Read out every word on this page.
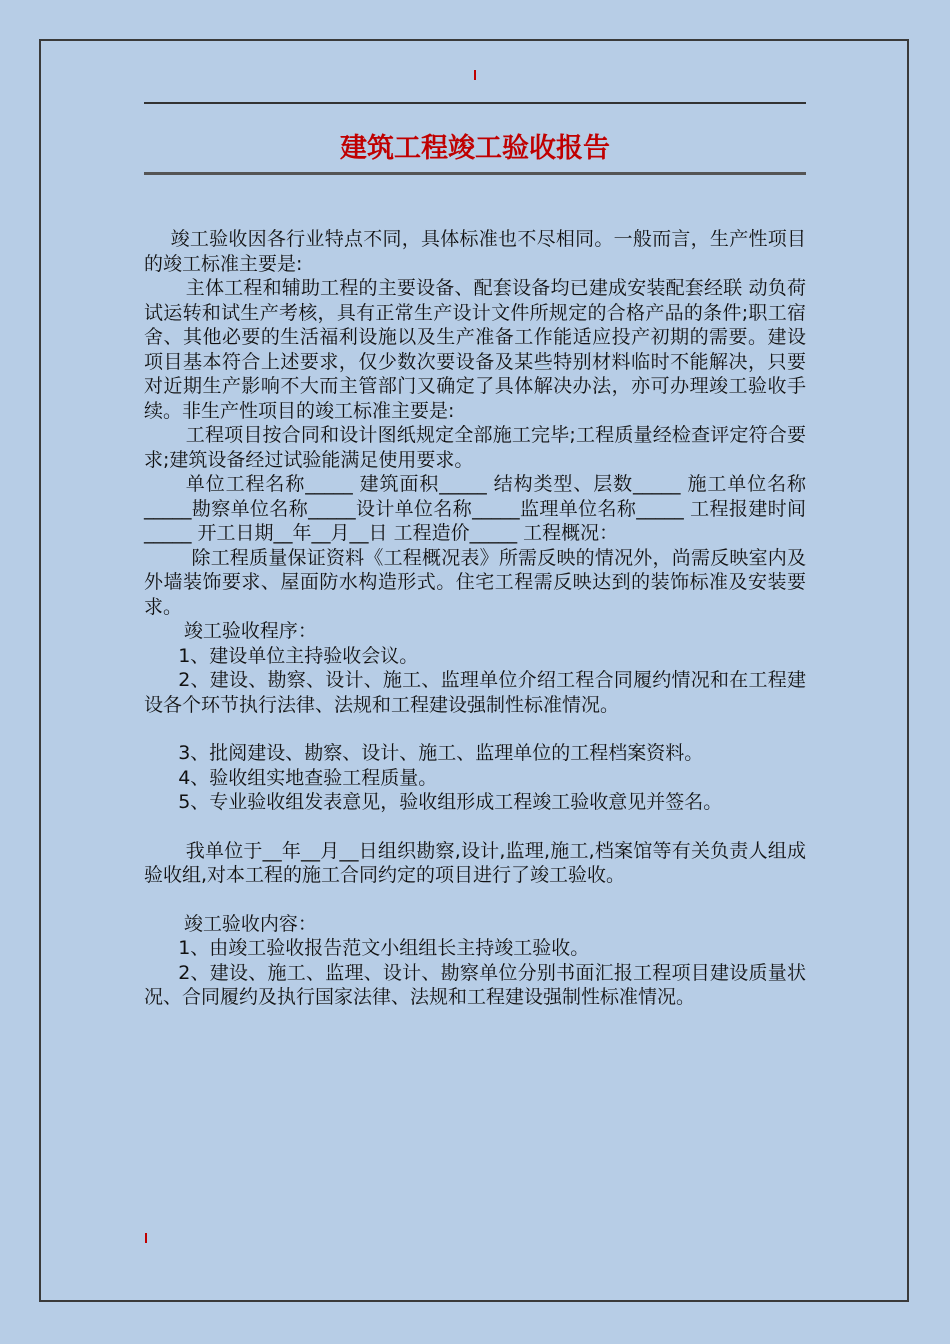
建筑工程竣工验收报告

竣工验收因各行业特点不同，具体标准也不尽相同。一般而言，生产性项目的竣工标准主要是:

主体工程和辅助工程的主要设备、配套设备均已建成安装配套经联 动负荷试运转和试生产考核，具有正常生产设计文件所规定的合格产品的条件;职工宿舍、其他必要的生活福利设施以及生产准备工作能适应投产初期的需要。建设 项目基本符合上述要求，仅少数次要设备及某些特别材料临时不能解决，只要对近期生产影响不大而主管部门又确定了具体解决办法，亦可办理竣工验收手续。非生产性项目的竣工标准主要是:

工程项目按合同和设计图纸规定全部施工完毕;工程质量经检查评定符合要求;建筑设备经过试验能满足使用要求。

单位工程名称_____ 建筑面积_____ 结构类型、层数_____ 施工单位名称_____勘察单位名称_____设计单位名称_____监理单位名称_____ 工程报建时间_____ 开工日期__年__月__日 工程造价_____ 工程概况：

除工程质量保证资料《工程概况表》所需反映的情况外，尚需反映室内及外墙装饰要求、屋面防水构造形式。住宅工程需反映达到的装饰标准及安装要求。

竣工验收程序：

1、建设单位主持验收会议。

2、建设、勘察、设计、施工、监理单位介绍工程合同履约情况和在工程建设各个环节执行法律、法规和工程建设强制性标准情况。

3、批阅建设、勘察、设计、施工、监理单位的工程档案资料。

4、验收组实地查验工程质量。

5、专业验收组发表意见，验收组形成工程竣工验收意见并签名。

我单位于__年__月__日组织勘察,设计,监理,施工,档案馆等有关负责人组成验收组,对本工程的施工合同约定的项目进行了竣工验收。

竣工验收内容：

1、由竣工验收报告范文小组组长主持竣工验收。

2、建设、施工、监理、设计、勘察单位分别书面汇报工程项目建设质量状况、合同履约及执行国家法律、法规和工程建设强制性标准情况。
